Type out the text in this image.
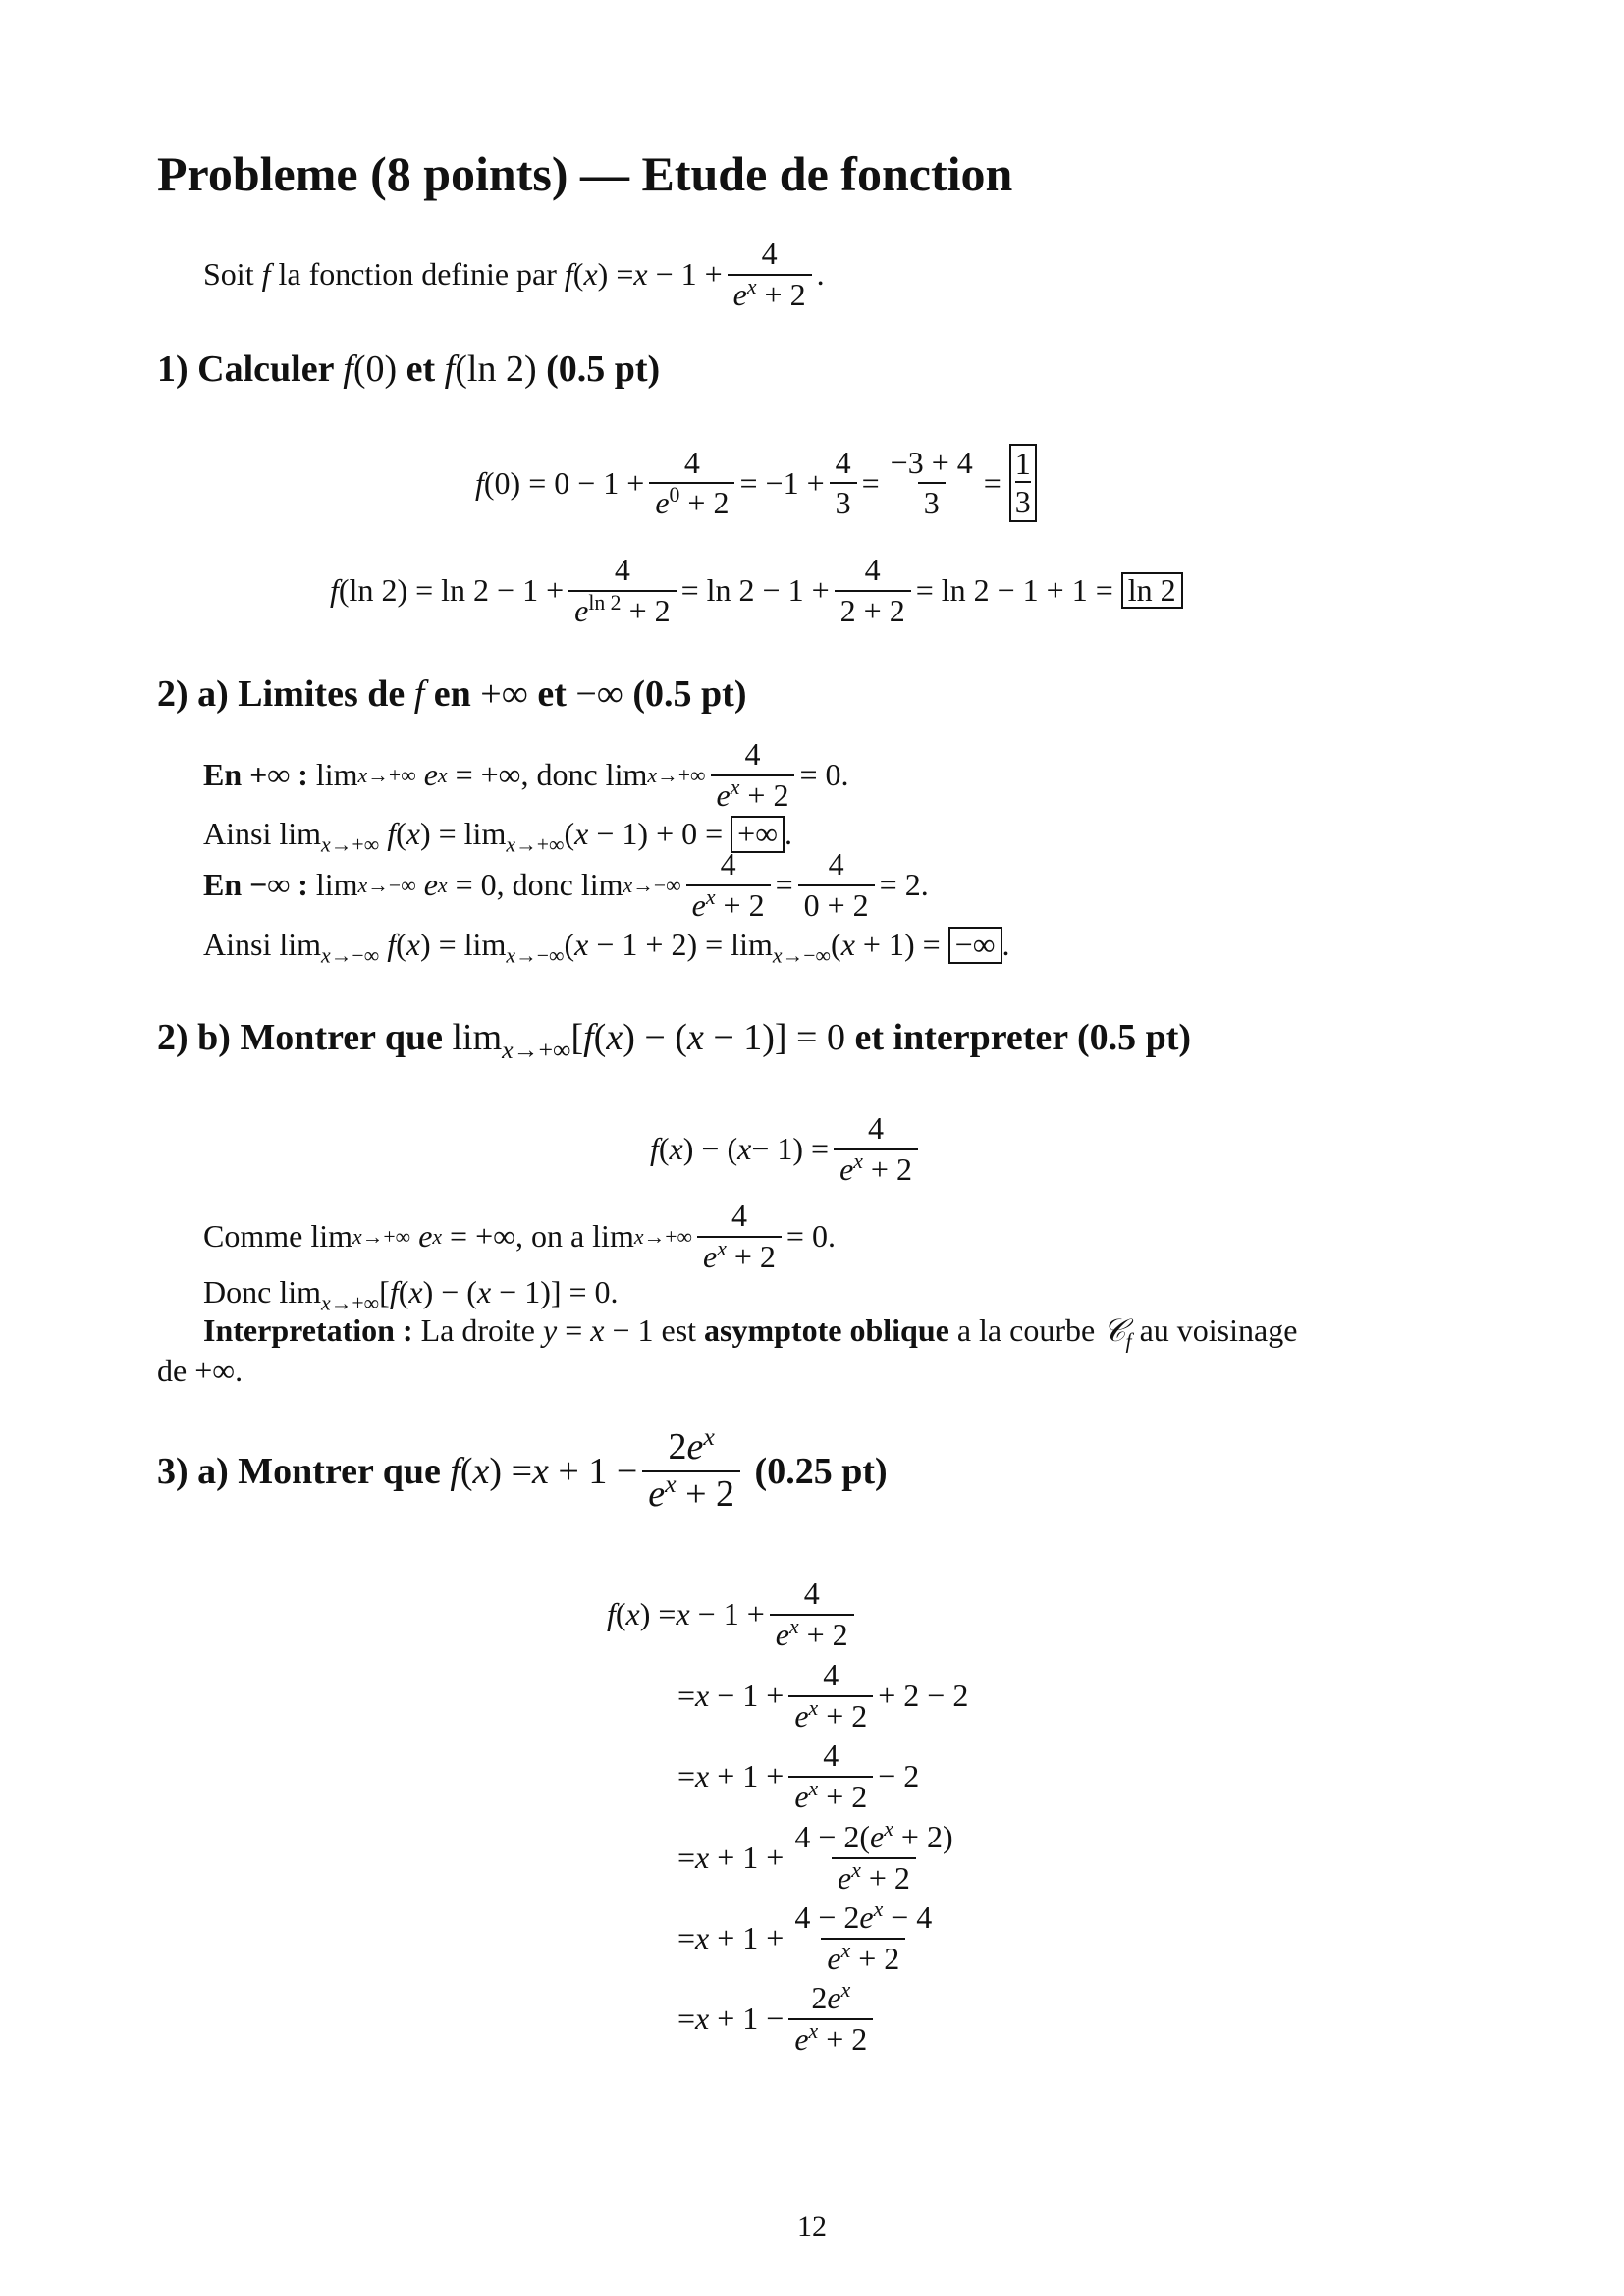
Probleme (8 points) — Etude de fonction
Soit
f
la fonction definie par
f ( x ) = $x - 1 + \frac{4}{e^x + 2}$ .
1) Calculer f(0) et f(ln 2) (0.5 pt)
f $(0) = 0 - 1 + \frac{4}{e^0 + 2} = -1 + \frac{4}{3} = \frac{-3 + 4}{3}$ =
1
3
f (ln $2) = \ln 2 - 1 + \frac{4}{e^{ln 2} + 2} = \ln 2 - 1 + \frac{4}{2 + 2} = \ln 2 - 1 + 1 = \ln 2$
2) a) Limites de f en +∞ et −∞ (0.5 pt)
En +∞ : lim x→+∞
e x = +∞, donc $\lim x\to+\infty \frac{4}{e^x + 2} = 0$.
Ainsi $\lim_{x\to+\infty} f(x) = \lim_{x\to+\infty}(x - 1) + 0$ = +∞ .
En −∞ : lim x→−∞
e x = 0, donc $\lim x\to-\infty \frac{4}{e^x + 2} = \frac{4}{0 + 2} = 2$.
Ainsi $\lim_{x\to-\infty} f(x) = \lim_{x\to-\infty}(x - 1 + 2) = \lim_{x\to-\infty}(x + 1)$ = −∞ .
2) b) Montrer que $\lim_{x\to+\infty}[f(x) - (x - 1)] = 0$ et interpreter (0.5 pt)
f ( x ) − ( $x - 1) = \frac{4}{e^x + 2}$
Comme lim x→+∞
e x = +∞, on a $\lim x\to+\infty \frac{4}{e^x + 2} = 0$.
Donc $\lim_{x\to+\infty}[f(x) - (x - 1)] = 0$.
Interpretation : La droite y = x − 1 est asymptote oblique a la courbe 𝒞$_f$ au voisinage
de +∞.
3) a) Montrer que
f ( x ) = $x + 1 - \frac{2e^x}{e^x + 2}$
(0.25 pt)
f ( x ) = $x - 1 + \frac{4}{e^x + 2}$
= $x - 1 + \frac{4}{e^x + 2} + 2 - 2$
= $x + 1 + \frac{4}{e^x + 2} - 2$
= $x + 1 + \frac{4 - 2(e^x + 2)}{e^x + 2}$
= $x + 1 + \frac{4 - 2e^x - 4}{e^x + 2}$
= $x + 1 - \frac{2e^x}{e^x + 2}$
12
